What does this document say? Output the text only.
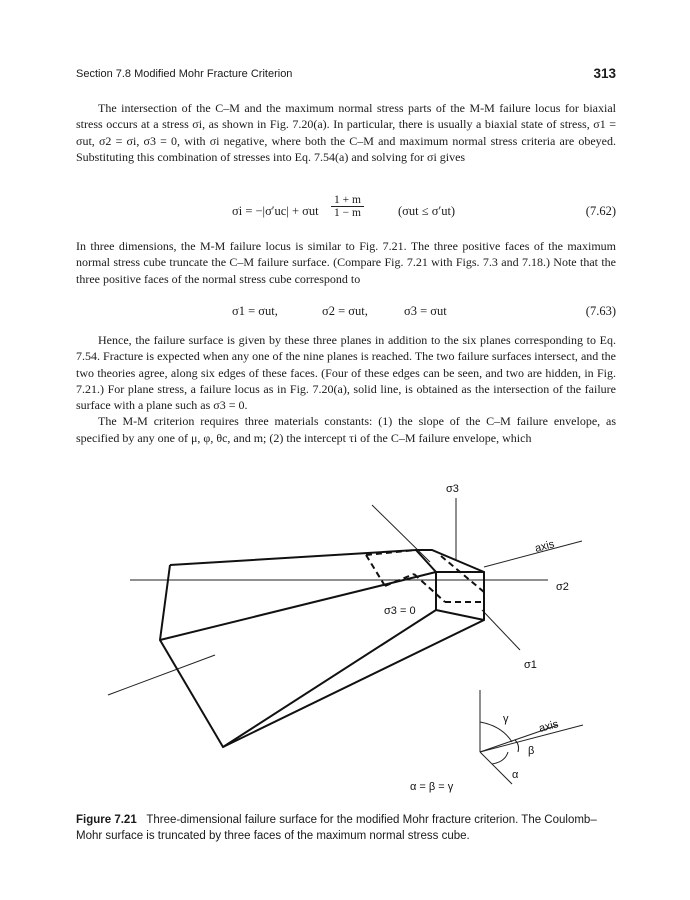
Section 7.8 Modified Mohr Fracture Criterion	313

The intersection of the C–M and the maximum normal stress parts of the M-M failure locus for biaxial stress occurs at a stress σi, as shown in Fig. 7.20(a). In particular, there is usually a biaxial state of stress, σ1 = σut, σ2 = σi, σ3 = 0, with σi negative, where both the C–M and maximum normal stress criteria are obeyed. Substituting this combination of stresses into Eq. 7.54(a) and solving for σi gives

σi = −|σ′uc| + σut $\frac{1 + m}{1 - m}$	(σut ≤ σ′ut)	(7.62)

In three dimensions, the M-M failure locus is similar to Fig. 7.21. The three positive faces of the maximum normal stress cube truncate the C–M failure surface. (Compare Fig. 7.21 with Figs. 7.3 and 7.18.) Note that the three positive faces of the normal stress cube correspond to

σ1 = σut,	σ2 = σut,	σ3 = σut	(7.63)

Hence, the failure surface is given by these three planes in addition to the six planes corresponding to Eq. 7.54. Fracture is expected when any one of the nine planes is reached. The two failure surfaces intersect, and the two theories agree, along six edges of these faces. (Four of these edges can be seen, and two are hidden, in Fig. 7.21.) For plane stress, a failure locus as in Fig. 7.20(a), solid line, is obtained as the intersection of the failure surface with a plane such as σ3 = 0.

The M-M criterion requires three materials constants: (1) the slope of the C–M failure envelope, as specified by any one of μ, φ, θc, and m; (2) the intercept τi of the C–M failure envelope, which

σ3
σ2
σ1
axis
σ3 = 0
γ
β
α
axis
α = β = γ
Figure 7.21 Three-dimensional failure surface for the modified Mohr fracture criterion. The Coulomb–Mohr surface is truncated by three faces of the maximum normal stress cube.
